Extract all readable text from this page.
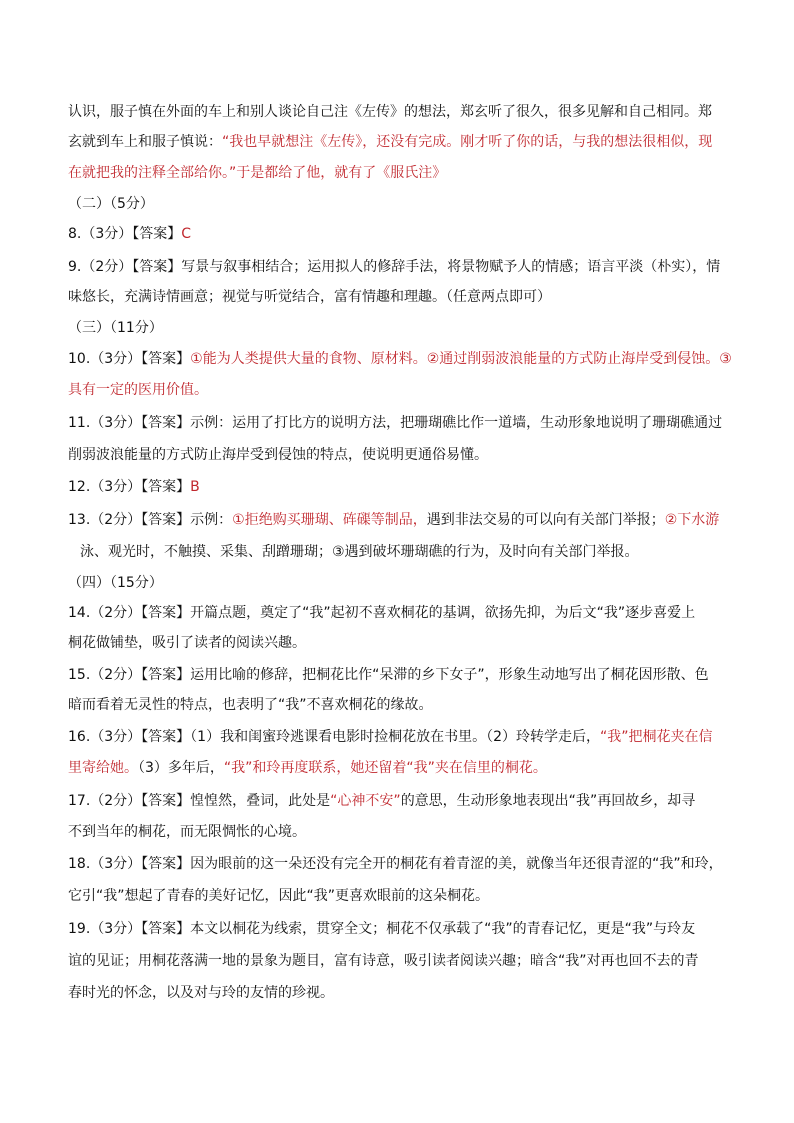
认识，服子慎在外面的车上和别人谈论自己注《左传》的想法，郑玄听了很久，很多见解和自己相同。郑
玄就到车上和服子慎说：“我也早就想注《左传》，还没有完成。刚才听了你的话，与我的想法很相似，现
在就把我的注释全部给你。”于是都给了他，就有了《服氏注》
（二）（5分）
8.（3分）【答案】C
9.（2分）【答案】写景与叙事相结合；运用拟人的修辞手法，将景物赋予人的情感；语言平淡（朴实），情
味悠长，充满诗情画意；视觉与听觉结合，富有情趣和理趣。（任意两点即可）
（三）（11分）
10.（3分）【答案】①能为人类提供大量的食物、原材料。②通过削弱波浪能量的方式防止海岸受到侵蚀。③
具有一定的医用价值。
11.（3分）【答案】示例：运用了打比方的说明方法，把珊瑚礁比作一道墙，生动形象地说明了珊瑚礁通过
削弱波浪能量的方式防止海岸受到侵蚀的特点，使说明更通俗易懂。
12.（3分）【答案】B
13.（2分）【答案】示例：①拒绝购买珊瑚、砗磲等制品，遇到非法交易的可以向有关部门举报；②下水游
泳、观光时，不触摸、采集、刮蹭珊瑚；③遇到破坏珊瑚礁的行为，及时向有关部门举报。
（四）（15分）
14.（2分）【答案】开篇点题，奠定了“我”起初不喜欢桐花的基调，欲扬先抑，为后文“我”逐步喜爱上
桐花做铺垫，吸引了读者的阅读兴趣。
15.（2分）【答案】运用比喻的修辞，把桐花比作“呆滞的乡下女子”，形象生动地写出了桐花因形散、色
暗而看着无灵性的特点，也表明了“我”不喜欢桐花的缘故。
16.（3分）【答案】（1）我和闺蜜玲逃课看电影时捡桐花放在书里。（2）玲转学走后，“我”把桐花夹在信
里寄给她。（3）多年后，“我”和玲再度联系，她还留着“我”夹在信里的桐花。
17.（2分）【答案】惶惶然，叠词，此处是“心神不安”的意思，生动形象地表现出“我”再回故乡，却寻
不到当年的桐花，而无限惆怅的心境。
18.（3分）【答案】因为眼前的这一朵还没有完全开的桐花有着青涩的美，就像当年还很青涩的“我”和玲，
它引“我”想起了青春的美好记忆，因此“我”更喜欢眼前的这朵桐花。
19.（3分）【答案】本文以桐花为线索，贯穿全文；桐花不仅承载了“我”的青春记忆，更是“我”与玲友
谊的见证；用桐花落满一地的景象为题目，富有诗意，吸引读者阅读兴趣；暗含“我”对再也回不去的青
春时光的怀念，以及对与玲的友情的珍视。
